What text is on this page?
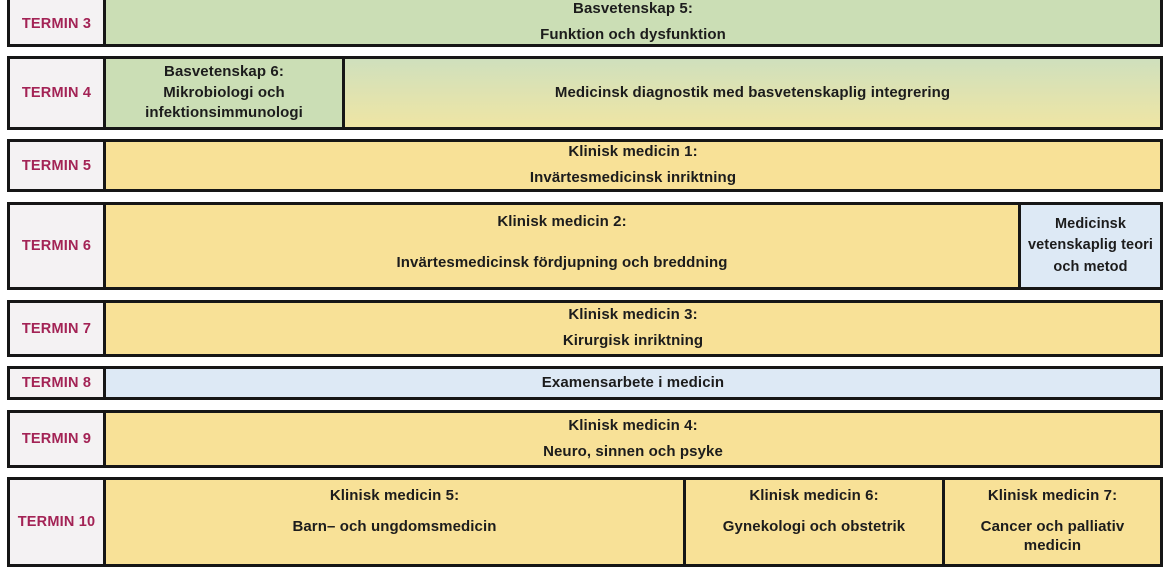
TERMIN 3
Basvetenskap 5:
Funktion och dysfunktion
TERMIN 4
Basvetenskap 6:
Mikrobiologi och infektionsimmunologi
Medicinsk diagnostik med basvetenskaplig integrering
TERMIN 5
Klinisk medicin 1:
Invärtesmedicinsk inriktning
TERMIN 6
Klinisk medicin 2:
Invärtesmedicinsk fördjupning och breddning
Medicinsk vetenskaplig teori och metod
TERMIN 7
Klinisk medicin 3:
Kirurgisk inriktning
TERMIN 8	Examensarbete i medicin
TERMIN 9
Klinisk medicin 4:
Neuro, sinnen och psyke
TERMIN 10
Klinisk medicin 5:
Barn– och ungdomsmedicin
Klinisk medicin 6:
Gynekologi och obstetrik
Klinisk medicin 7:
Cancer och palliativ medicin
